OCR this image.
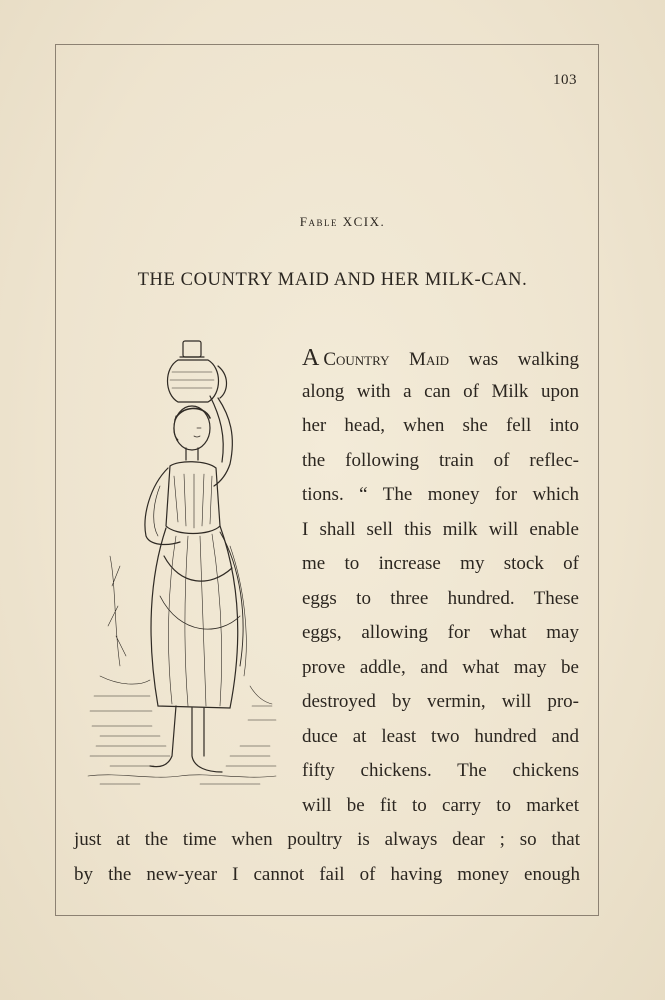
103
Fable XCIX.
THE COUNTRY MAID AND HER MILK-CAN.
A Country Maid was walking
along with a can of Milk upon
her head, when she fell into
the following train of reflec-
tions. “ The money for which
I shall sell this milk will enable
me to increase my stock of
eggs to three hundred. These
eggs, allowing for what may
prove addle, and what may be
destroyed by vermin, will pro-
duce at least two hundred and
fifty chickens. The chickens
will be fit to carry to market
just at the time when poultry is always dear ; so that
by the new-year I cannot fail of having money enough
